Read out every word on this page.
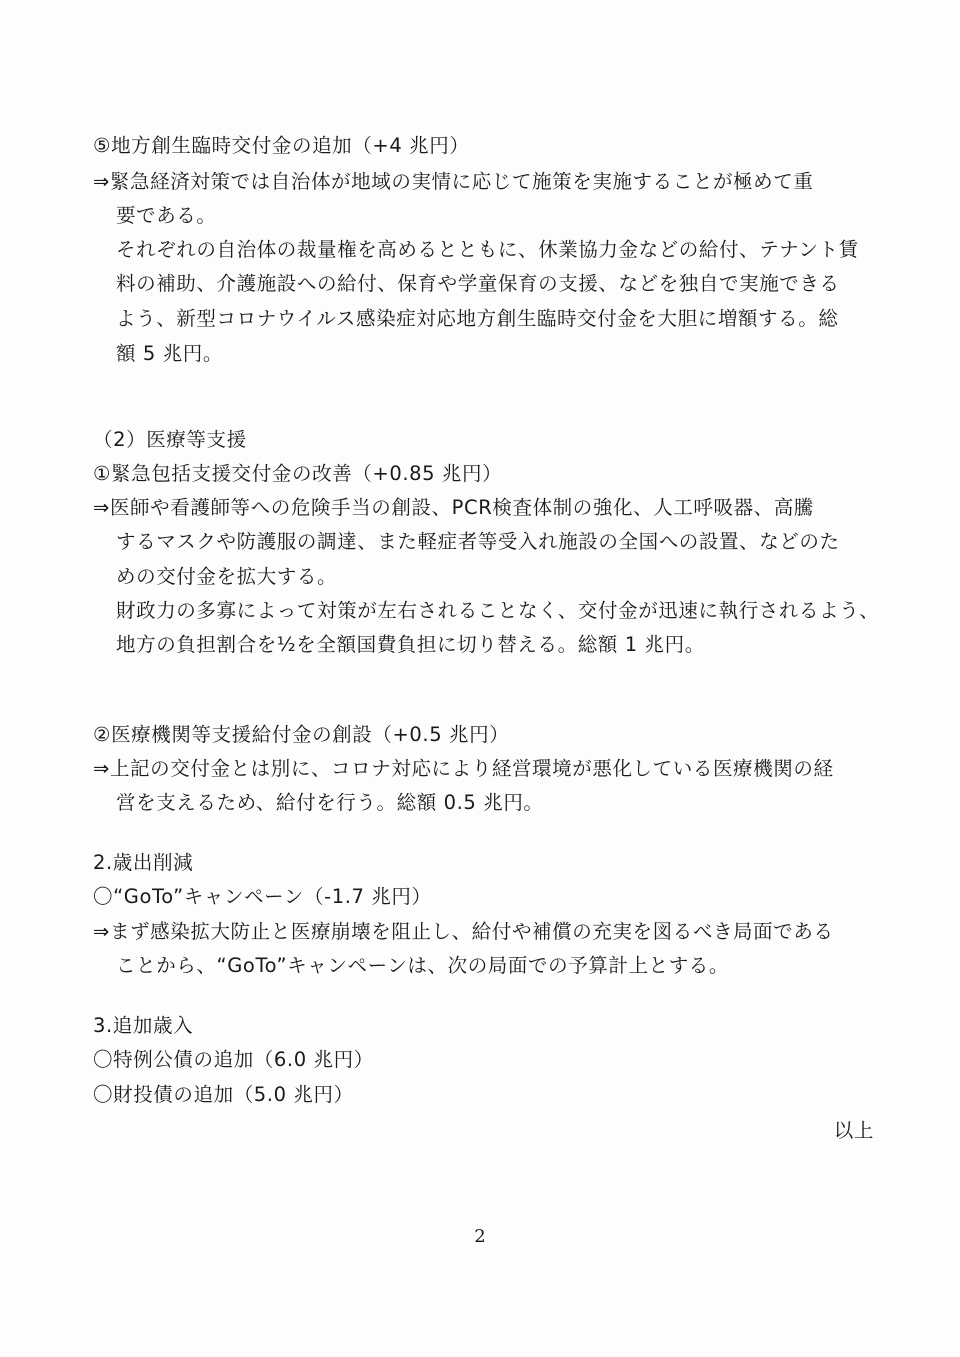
⑤地方創生臨時交付金の追加（+4 兆円）
⇒緊急経済対策では自治体が地域の実情に応じて施策を実施することが極めて重
要である。
それぞれの自治体の裁量権を高めるとともに、休業協力金などの給付、テナント賃
料の補助、介護施設への給付、保育や学童保育の支援、などを独自で実施できる
よう、新型コロナウイルス感染症対応地方創生臨時交付金を大胆に増額する。総
額 5 兆円。
（2）医療等支援
①緊急包括支援交付金の改善（+0.85 兆円）
⇒医師や看護師等への危険手当の創設、PCR検査体制の強化、人工呼吸器、高騰
するマスクや防護服の調達、また軽症者等受入れ施設の全国への設置、などのた
めの交付金を拡大する。
財政力の多寡によって対策が左右されることなく、交付金が迅速に執行されるよう、
地方の負担割合を½を全額国費負担に切り替える。総額 1 兆円。
②医療機関等支援給付金の創設（+0.5 兆円）
⇒上記の交付金とは別に、コロナ対応により経営環境が悪化している医療機関の経
営を支えるため、給付を行う。総額 0.5 兆円。
2.歳出削減
〇“GoTo”キャンペーン（-1.7 兆円）
⇒まず感染拡大防止と医療崩壊を阻止し、給付や補償の充実を図るべき局面である
ことから、“GoTo”キャンペーンは、次の局面での予算計上とする。
3.追加歳入
〇特例公債の追加（6.0 兆円）
〇財投債の追加（5.0 兆円）
以上
2
